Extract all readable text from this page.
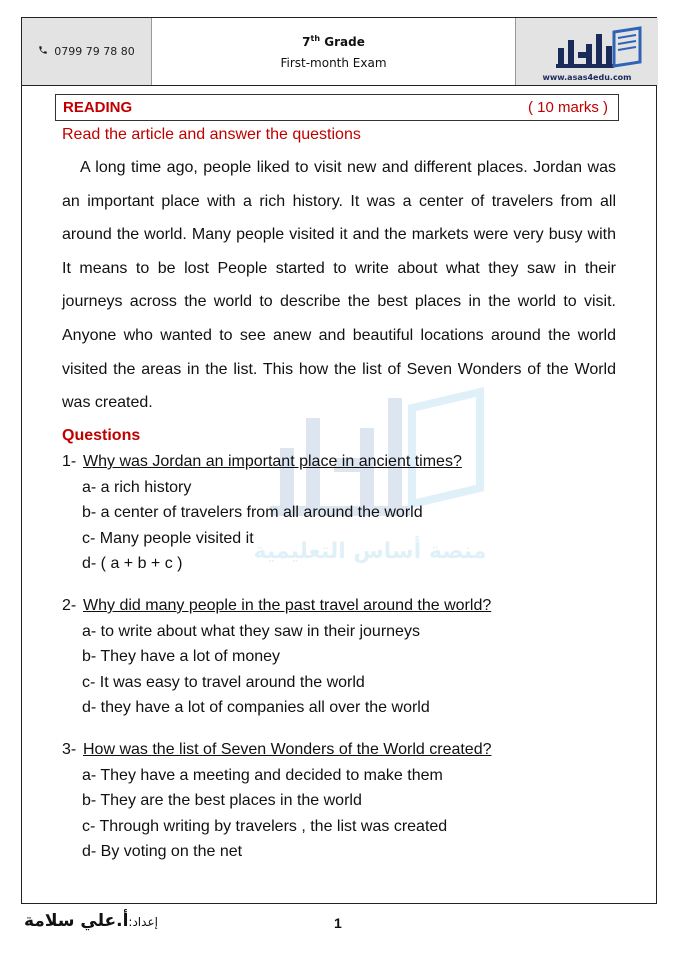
0799 79 78 80
7th Grade
First-month Exam
www.asas4edu.com
منصة أساس التعليمية
READING	( 10 marks )
Read the article and answer the questions
A long time ago, people liked to visit new and different places. Jordan was an important place with a rich history. It was a center of travelers from all around the world. Many people visited it and the markets were very busy with It means to be lost People started to write about what they saw in their journeys across the world to describe the best places in the world to visit. Anyone who wanted to see anew and beautiful locations around the world visited the areas in the list. This how the list of Seven Wonders of the World was created.
Questions
1- Why was Jordan an important place in ancient times?
a- a rich history
b- a center of travelers from all around the world
c- Many people visited it
d- ( a + b + c )
2- Why did many people in the past travel around the world?
a- to write about what they saw in their journeys
b- They have a lot of money
c- It was easy to travel around the world
d- they have a lot of companies all over the world
3- How was the list of Seven Wonders of the World created?
a- They have a meeting and decided to make them
b- They are the best places in the world
c- Through writing by travelers , the list was created
d- By voting on the net
إعداد:أ.علي سلامة	1
